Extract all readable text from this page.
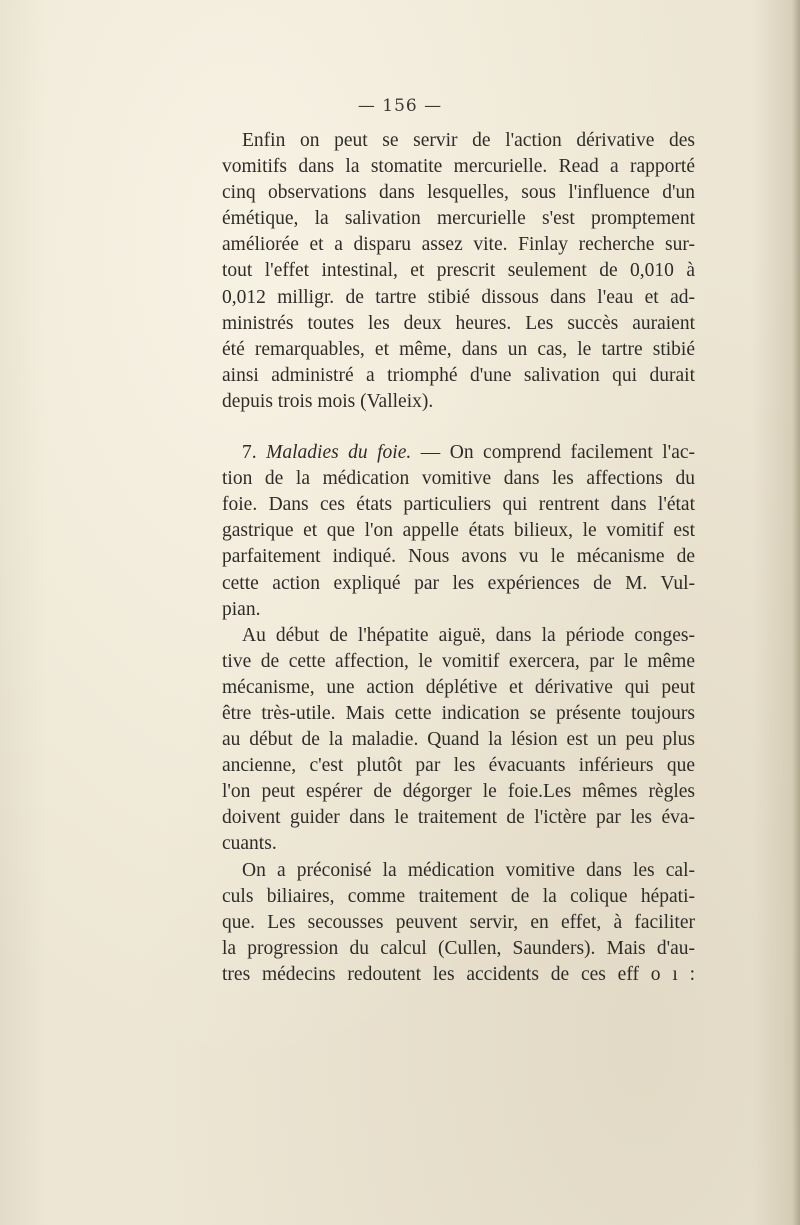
— 156 —
Enfin on peut se servir de l'action dérivative des
vomitifs dans la stomatite mercurielle. Read a rapporté
cinq observations dans lesquelles, sous l'influence d'un
émétique, la salivation mercurielle s'est promptement
améliorée et a disparu assez vite. Finlay recherche sur-
tout l'effet intestinal, et prescrit seulement de 0,010 à
0,012 milligr. de tartre stibié dissous dans l'eau et ad-
ministrés toutes les deux heures. Les succès auraient
été remarquables, et même, dans un cas, le tartre stibié
ainsi administré a triomphé d'une salivation qui durait
depuis trois mois (Valleix).
7. Maladies du foie. — On comprend facilement l'ac-
tion de la médication vomitive dans les affections du
foie. Dans ces états particuliers qui rentrent dans l'état
gastrique et que l'on appelle états bilieux, le vomitif est
parfaitement indiqué. Nous avons vu le mécanisme de
cette action expliqué par les expériences de M. Vul-
pian.
Au début de l'hépatite aiguë, dans la période conges-
tive de cette affection, le vomitif exercera, par le même
mécanisme, une action déplétive et dérivative qui peut
être très-utile. Mais cette indication se présente toujours
au début de la maladie. Quand la lésion est un peu plus
ancienne, c'est plutôt par les évacuants inférieurs que
l'on peut espérer de dégorger le foie.Les mêmes règles
doivent guider dans le traitement de l'ictère par les éva-
cuants.
On a préconisé la médication vomitive dans les cal-
culs biliaires, comme traitement de la colique hépati-
que. Les secousses peuvent servir, en effet, à faciliter
la progression du calcul (Cullen, Saunders). Mais d'au-
tres médecins redoutent les accidents de ces eff o ı :
